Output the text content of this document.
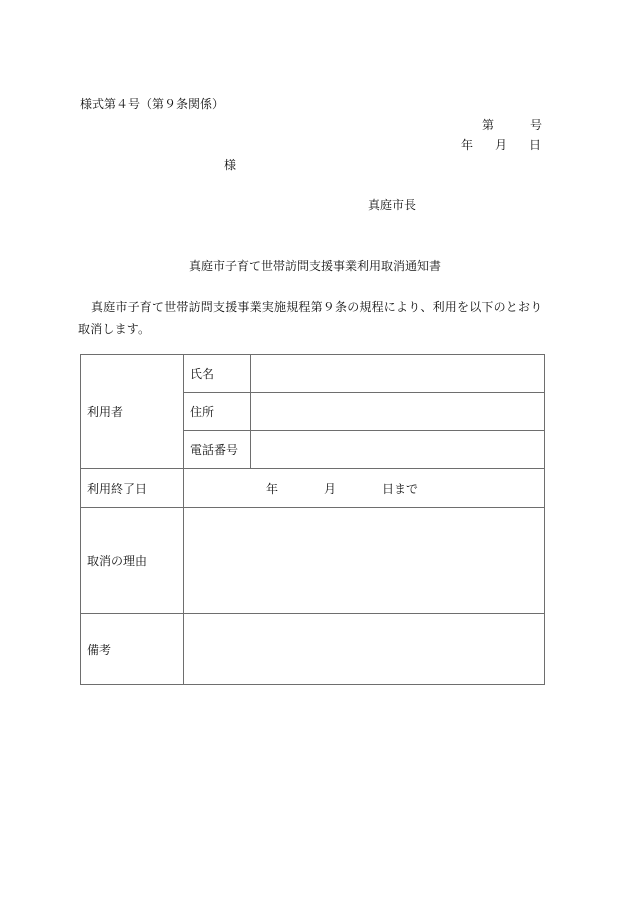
様式第４号（第９条関係）
第	号
年 月 日
様
真庭市長
真庭市子育て世帯訪問支援事業利用取消通知書
真庭市子育て世帯訪問支援事業実施規程第９条の規程により、利用を以下のとおり取消します。
利用者	氏名	

	住所	

	電話番号	

利用終了日	年 月 日まで	
取消の理由		

備考		
